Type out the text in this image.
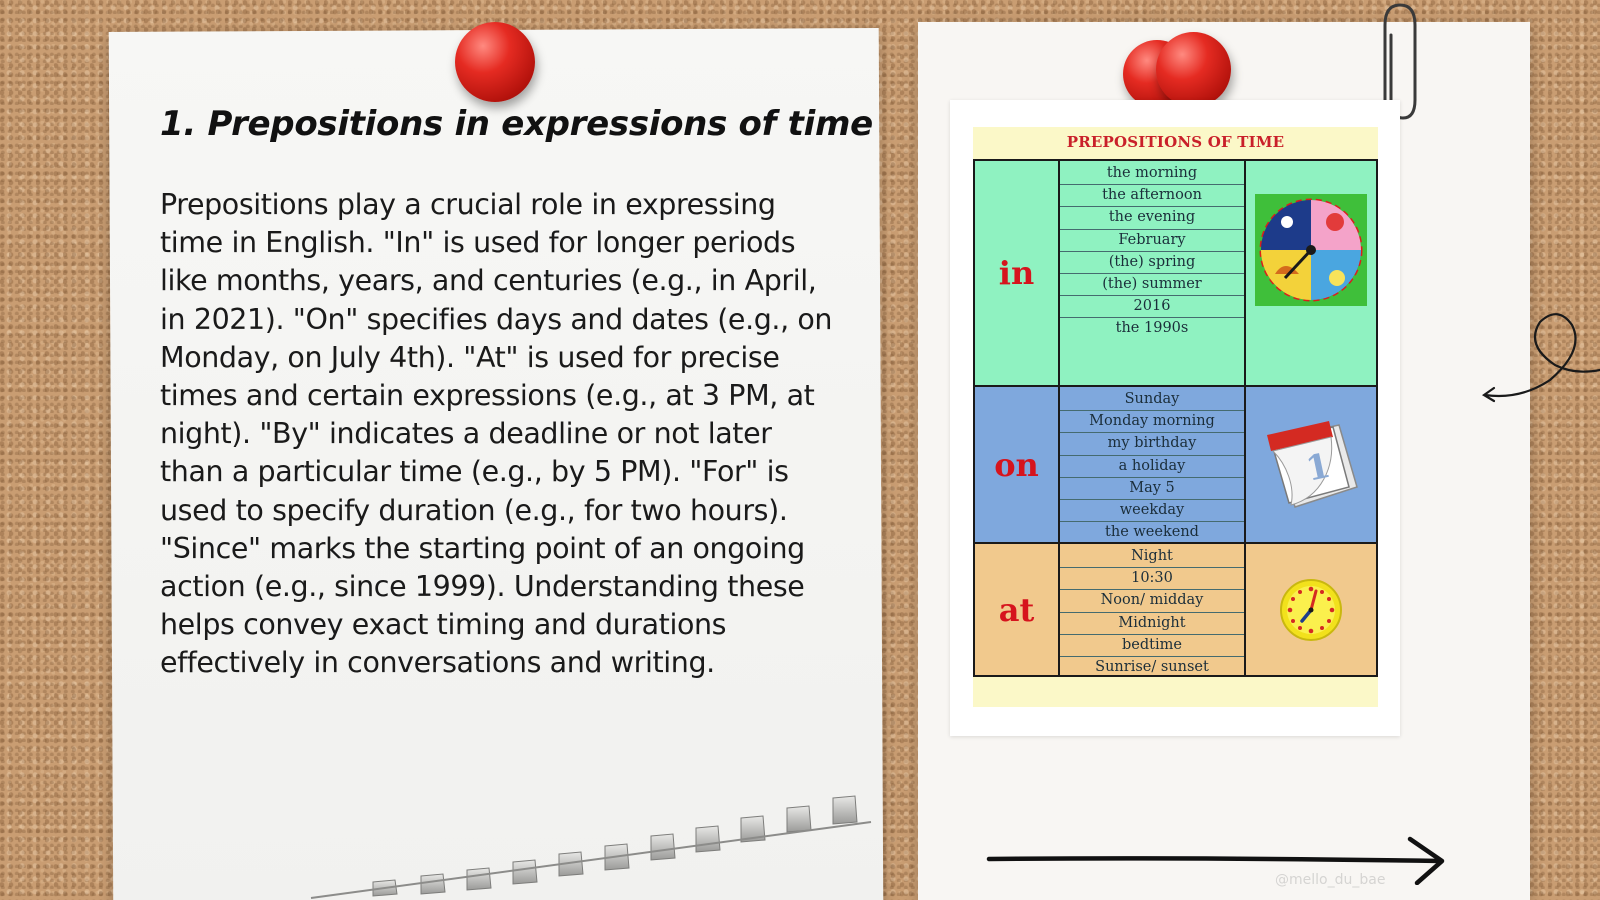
1. Prepositions in expressions of time

Prepositions play a crucial role in expressing time in English. "In" is used for longer periods like months, years, and centuries (e.g., in April, in 2021). "On" specifies days and dates (e.g., on Monday, on July 4th). "At" is used for precise times and certain expressions (e.g., at 3 PM, at night). "By" indicates a deadline or not later than a particular time (e.g., by 5 PM). "For" is used to specify duration (e.g., for two hours). "Since" marks the starting point of an ongoing action (e.g., since 1999). Understanding these helps convey exact timing and durations effectively in conversations and writing.

PREPOSITIONS OF TIME
in
the morning
the afternoon
the evening
February
(the) spring
(the) summer
2016
the 1990s
on
Sunday
Monday morning
my birthday
a holiday
May 5
weekday
the weekend
1
at
Night
10:30
Noon/ midday
Midnight
bedtime
Sunrise/ sunset
@mello_du_bae
